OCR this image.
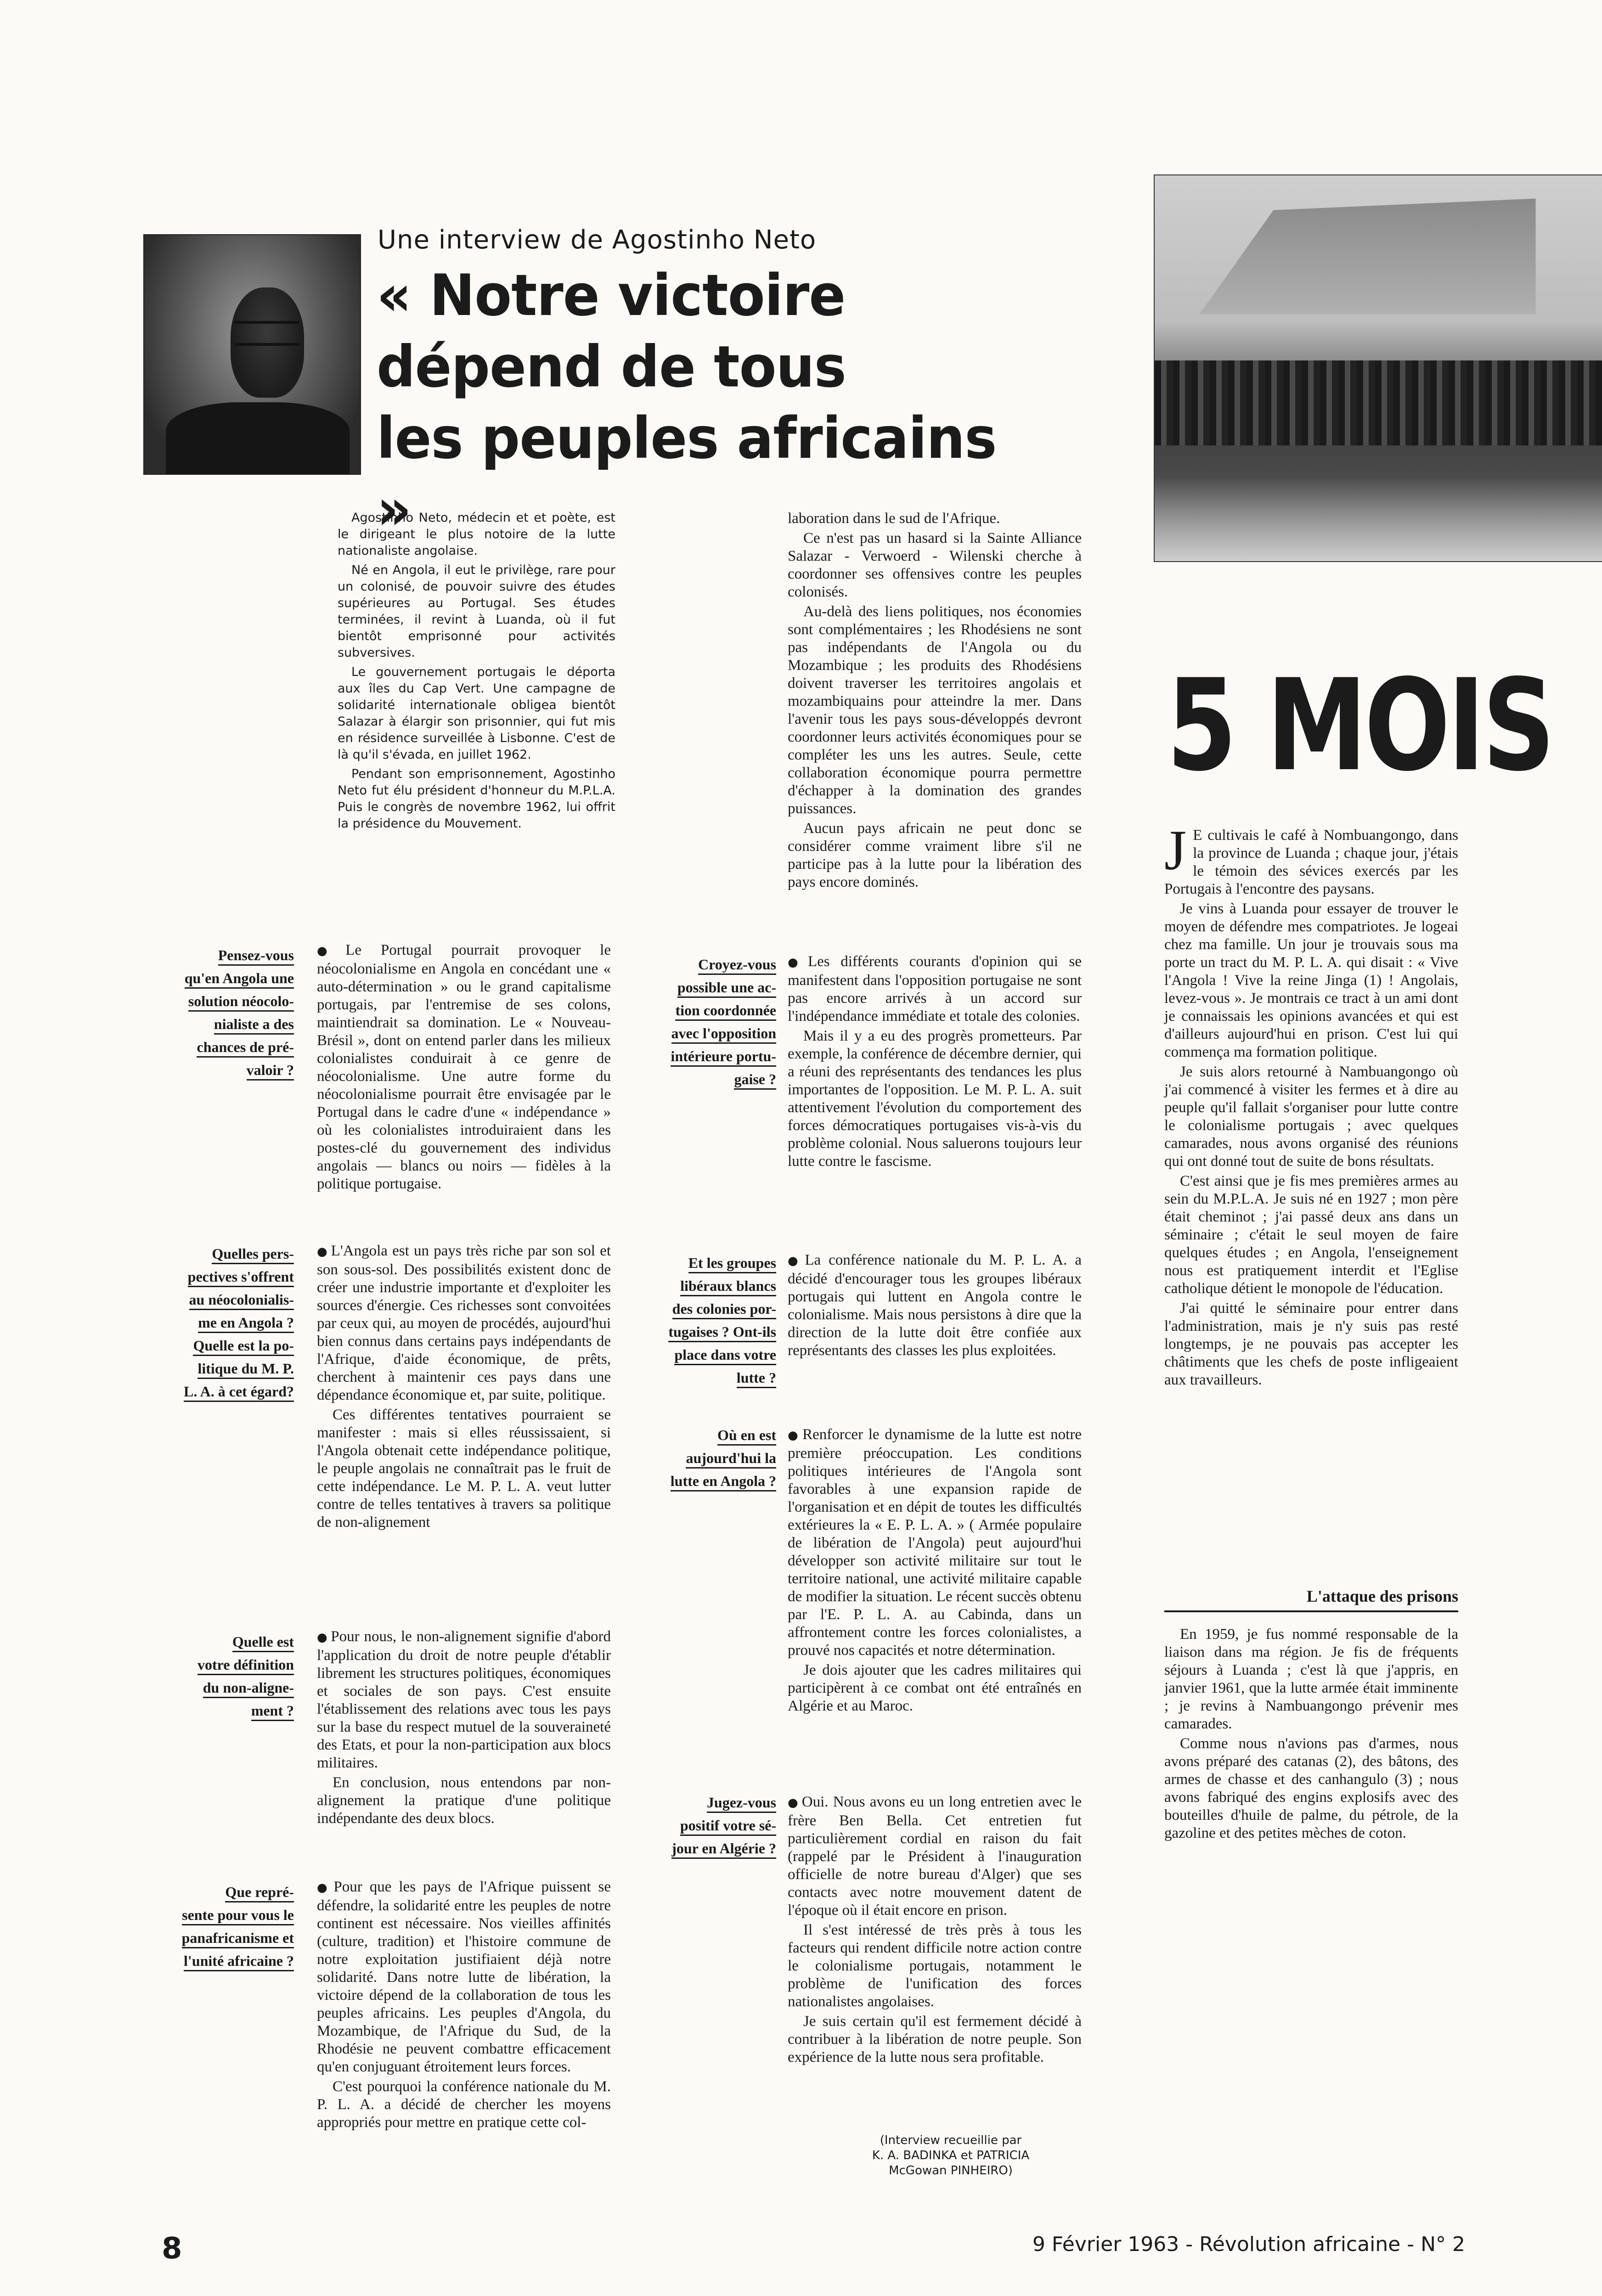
Une interview de Agostinho Neto
« Notre victoire
dépend de tous
les peuples africains »

Agostinho Neto, médecin et et poète, est le dirigeant le plus notoire de la lutte nationaliste angolaise.

Né en Angola, il eut le privilège, rare pour un colonisé, de pouvoir suivre des études supérieures au Portugal. Ses études terminées, il revint à Luanda, où il fut bientôt emprisonné pour activités subversives.

Le gouvernement portugais le déporta aux îles du Cap Vert. Une campagne de solidarité internationale obligea bientôt Salazar à élargir son prisonnier, qui fut mis en résidence surveillée à Lisbonne. C'est de là qu'il s'évada, en juillet 1962.

Pendant son emprisonnement, Agostinho Neto fut élu président d'honneur du M.P.L.A. Puis le congrès de novembre 1962, lui offrit la présidence du Mouvement.

laboration dans le sud de l'Afrique.

Ce n'est pas un hasard si la Sainte Alliance Salazar - Verwoerd - Wilenski cherche à coordonner ses offensives contre les peuples colonisés.

Au-delà des liens politiques, nos économies sont complémentaires ; les Rhodésiens ne sont pas indépendants de l'Angola ou du Mozambique ; les produits des Rhodésiens doivent traverser les territoires angolais et mozambiquains pour atteindre la mer. Dans l'avenir tous les pays sous-développés devront coordonner leurs activités économiques pour se compléter les uns les autres. Seule, cette collaboration économique pourra permettre d'échapper à la domination des grandes puissances.

Aucun pays africain ne peut donc se considérer comme vraiment libre s'il ne participe pas à la lutte pour la libération des pays encore dominés.

Pensez-vous
qu'en Angola une
solution néocolo-
nialiste a des
chances de pré-
valoir ?

● Le Portugal pourrait provoquer le néocolonialisme en Angola en concédant une « auto-détermination » ou le grand capitalisme portugais, par l'entremise de ses colons, maintiendrait sa domination. Le « Nouveau-Brésil », dont on entend parler dans les milieux colonialistes conduirait à ce genre de néocolonialisme. Une autre forme du néocolonialisme pourrait être envisagée par le Portugal dans le cadre d'une « indépendance » où les colonialistes introduiraient dans les postes-clé du gouvernement des individus angolais — blancs ou noirs — fidèles à la politique portugaise.

Quelles pers-
pectives s'offrent
au néocolonialis-
me en Angola ?
Quelle est la po-
litique du M. P.
L. A. à cet égard?

● L'Angola est un pays très riche par son sol et son sous-sol. Des possibilités existent donc de créer une industrie importante et d'exploiter les sources d'énergie. Ces richesses sont convoitées par ceux qui, au moyen de procédés, aujourd'hui bien connus dans certains pays indépendants de l'Afrique, d'aide économique, de prêts, cherchent à maintenir ces pays dans une dépendance économique et, par suite, politique.

Ces différentes tentatives pourraient se manifester : mais si elles réussissaient, si l'Angola obtenait cette indépendance politique, le peuple angolais ne connaîtrait pas le fruit de cette indépendance. Le M. P. L. A. veut lutter contre de telles tentatives à travers sa politique de non-alignement

Quelle est
votre définition
du non-aligne-
ment ?

● Pour nous, le non-alignement signifie d'abord l'application du droit de notre peuple d'établir librement les structures politiques, économiques et sociales de son pays. C'est ensuite l'établissement des relations avec tous les pays sur la base du respect mutuel de la souveraineté des Etats, et pour la non-participation aux blocs militaires.

En conclusion, nous entendons par non-alignement la pratique d'une politique indépendante des deux blocs.

Que repré-
sente pour vous le
panafricanisme et
l'unité africaine ?

● Pour que les pays de l'Afrique puissent se défendre, la solidarité entre les peuples de notre continent est nécessaire. Nos vieilles affinités (culture, tradition) et l'histoire commune de notre exploitation justifiaient déjà notre solidarité. Dans notre lutte de libération, la victoire dépend de la collaboration de tous les peuples africains. Les peuples d'Angola, du Mozambique, de l'Afrique du Sud, de la Rhodésie ne peuvent combattre efficacement qu'en conjuguant étroitement leurs forces.

C'est pourquoi la conférence nationale du M. P. L. A. a décidé de chercher les moyens appropriés pour mettre en pratique cette col-

Croyez-vous
possible une ac-
tion coordonnée
avec l'opposition
intérieure portu-
gaise ?

● Les différents courants d'opinion qui se manifestent dans l'opposition portugaise ne sont pas encore arrivés à un accord sur l'indépendance immédiate et totale des colonies.

Mais il y a eu des progrès prometteurs. Par exemple, la conférence de décembre dernier, qui a réuni des représentants des tendances les plus importantes de l'opposition. Le M. P. L. A. suit attentivement l'évolution du comportement des forces démocratiques portugaises vis-à-vis du problème colonial. Nous saluerons toujours leur lutte contre le fascisme.

Et les groupes
libéraux blancs
des colonies por-
tugaises ? Ont-ils
place dans votre
lutte ?

● La conférence nationale du M. P. L. A. a décidé d'encourager tous les groupes libéraux portugais qui luttent en Angola contre le colonialisme. Mais nous persistons à dire que la direction de la lutte doit être confiée aux représentants des classes les plus exploitées.

Où en est
aujourd'hui la
lutte en Angola ?

● Renforcer le dynamisme de la lutte est notre première préoccupation. Les conditions politiques intérieures de l'Angola sont favorables à une expansion rapide de l'organisation et en dépit de toutes les difficultés extérieures la « E. P. L. A. » ( Armée populaire de libération de l'Angola) peut aujourd'hui développer son activité militaire sur tout le territoire national, une activité militaire capable de modifier la situation. Le récent succès obtenu par l'E. P. L. A. au Cabinda, dans un affrontement contre les forces colonialistes, a prouvé nos capacités et notre détermination.

Je dois ajouter que les cadres militaires qui participèrent à ce combat ont été entraînés en Algérie et au Maroc.

Jugez-vous
positif votre sé-
jour en Algérie ?

● Oui. Nous avons eu un long entretien avec le frère Ben Bella. Cet entretien fut particulièrement cordial en raison du fait (rappelé par le Président à l'inauguration officielle de notre bureau d'Alger) que ses contacts avec notre mouvement datent de l'époque où il était encore en prison.

Il s'est intéressé de très près à tous les facteurs qui rendent difficile notre action contre le colonialisme portugais, notamment le problème de l'unification des forces nationalistes angolaises.

Je suis certain qu'il est fermement décidé à contribuer à la libération de notre peuple. Son expérience de la lutte nous sera profitable.

(Interview recueillie par
K. A. BADINKA et PATRICIA
McGowan PINHEIRO)
5 MOIS

J E cultivais le café à Nombuangongo, dans la province de Luanda ; chaque jour, j'étais le témoin des sévices exercés par les Portugais à l'encontre des paysans.

Je vins à Luanda pour essayer de trouver le moyen de défendre mes compatriotes. Je logeai chez ma famille. Un jour je trouvais sous ma porte un tract du M. P. L. A. qui disait : « Vive l'Angola ! Vive la reine Jinga (1) ! Angolais, levez-vous ». Je montrais ce tract à un ami dont je connaissais les opinions avancées et qui est d'ailleurs aujourd'hui en prison. C'est lui qui commença ma formation politique.

Je suis alors retourné à Nambuangongo où j'ai commencé à visiter les fermes et à dire au peuple qu'il fallait s'organiser pour lutte contre le colonialisme portugais ; avec quelques camarades, nous avons organisé des réunions qui ont donné tout de suite de bons résultats.

C'est ainsi que je fis mes premières armes au sein du M.P.L.A. Je suis né en 1927 ; mon père était cheminot ; j'ai passé deux ans dans un séminaire ; c'était le seul moyen de faire quelques études ; en Angola, l'enseignement nous est pratiquement interdit et l'Eglise catholique détient le monopole de l'éducation.

J'ai quitté le séminaire pour entrer dans l'administration, mais je n'y suis pas resté longtemps, je ne pouvais pas accepter les châtiments que les chefs de poste infligeaient aux travailleurs.

L'attaque des prisons

En 1959, je fus nommé responsable de la liaison dans ma région. Je fis de fréquents séjours à Luanda ; c'est là que j'appris, en janvier 1961, que la lutte armée était imminente ; je revins à Nambuangongo prévenir mes camarades.

Comme nous n'avions pas d'armes, nous avons préparé des catanas (2), des bâtons, des armes de chasse et des canhangulo (3) ; nous avons fabriqué des engins explosifs avec des bouteilles d'huile de palme, du pétrole, de la gazoline et des petites mèches de coton.

8	9 Février 1963 - Révolution africaine - N° 2
